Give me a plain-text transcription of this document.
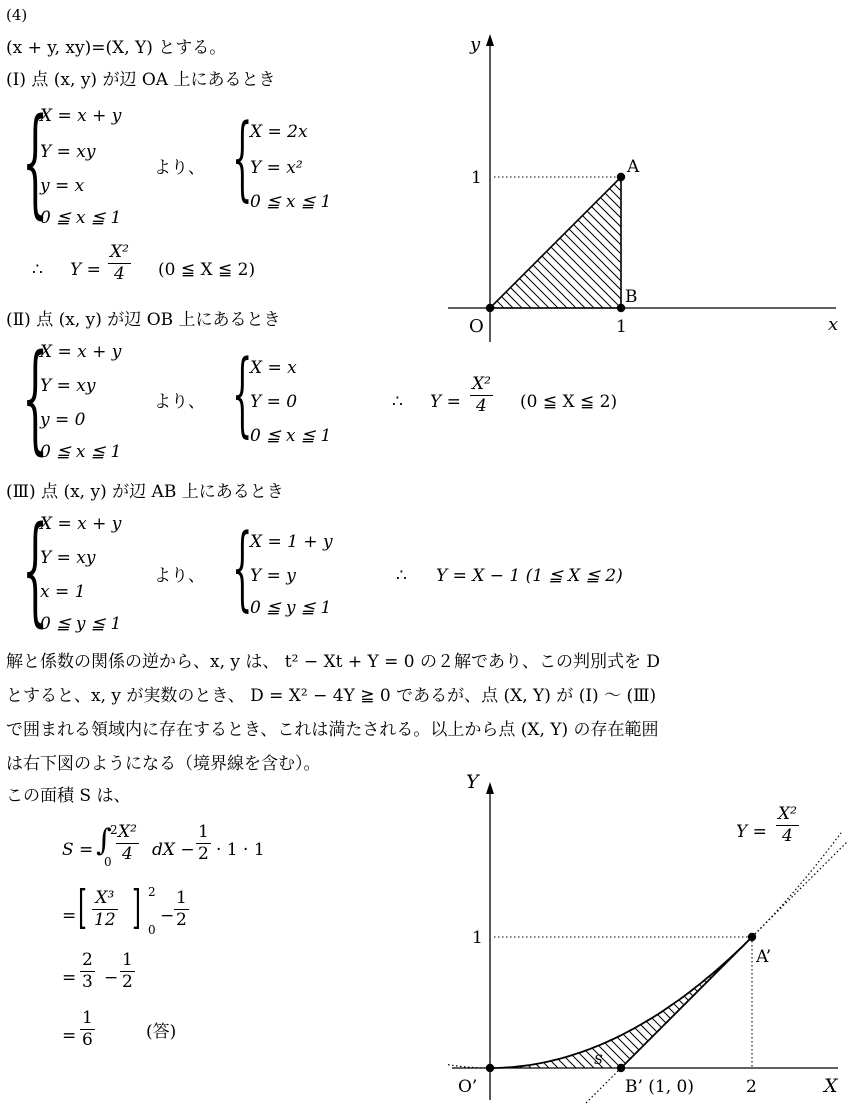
(4)
(x + y, xy)=(X, Y) とする。
(Ⅰ) 点 (x, y) が辺 OA 上にあるとき
{
X = x + y
Y = xy
y = x
0 ≦ x ≦ 1
より、 {
X = 2x
Y = x²
0 ≦ x ≦ 1
∴ Y =
X²
4	(0 ≦ X ≦ 2)
(Ⅱ) 点 (x, y) が辺 OB 上にあるとき
{
X = x + y
Y = xy
y = 0
0 ≦ x ≦ 1
より、 {
X = x
Y = 0
0 ≦ x ≦ 1
∴ Y =
X²
4	(0 ≦ X ≦ 2)
(Ⅲ) 点 (x, y) が辺 AB 上にあるとき
{
X = x + y
Y = xy
x = 1
0 ≦ y ≦ 1
より、 {
X = 1 + y
Y = y
0 ≦ y ≦ 1
∴ Y = X − 1 (1 ≦ X ≦ 2)
解と係数の関係の逆から、x, y は、 t² − Xt + Y = 0 の２解であり、この判別式を D
とすると、x, y が実数のとき、 D = X² − 4Y ≧ 0 であるが、点 (X, Y) が (Ⅰ) 〜 (Ⅲ)
で囲まれる領域内に存在するとき、これは満たされる。以上から点 (X, Y) の存在範囲
は右下図のようになる（境界線を含む）。
この面積 S は、
S = ∫
2
0
X²
4	dX −
1
2 · 1 · 1
= [ X³
12 ] 2
0
−
1
2
=
2
3 −
1
2
=
1
6	(答)
y
x
O
1
1
A
B
Y
X
O’
1
2
A’
B’ (1, 0)
S
Y =
X²
4
